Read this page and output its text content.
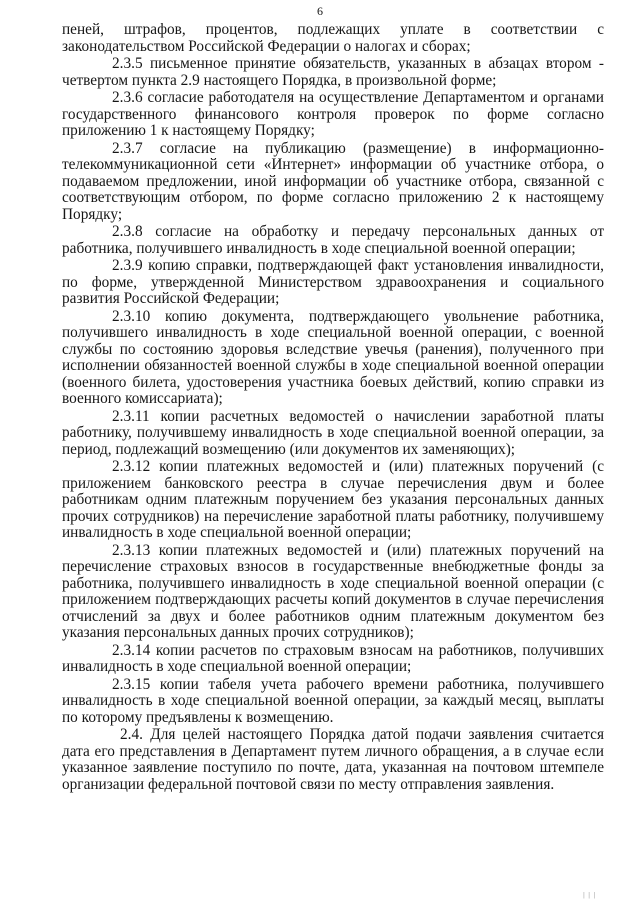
6

пеней, штрафов, процентов, подлежащих уплате в соответствии с законодательством Российской Федерации о налогах и сборах;

2.3.5 письменное принятие обязательств, указанных в абзацах втором - четвертом пункта 2.9 настоящего Порядка, в произвольной форме;

2.3.6 согласие работодателя на осуществление Департаментом и органами государственного финансового контроля проверок по форме согласно приложению 1 к настоящему Порядку;

2.3.7 согласие на публикацию (размещение) в информационно-телекоммуникационной сети «Интернет» информации об участнике отбора, о подаваемом предложении, иной информации об участнике отбора, связанной с соответствующим отбором, по форме согласно приложению 2 к настоящему Порядку;

2.3.8 согласие на обработку и передачу персональных данных от работника, получившего инвалидность в ходе специальной военной операции;

2.3.9 копию справки, подтверждающей факт установления инвалидности, по форме, утвержденной Министерством здравоохранения и социального развития Российской Федерации;

2.3.10 копию документа, подтверждающего увольнение работника, получившего инвалидность в ходе специальной военной операции, с военной службы по состоянию здоровья вследствие увечья (ранения), полученного при исполнении обязанностей военной службы в ходе специальной военной операции (военного билета, удостоверения участника боевых действий, копию справки из военного комиссариата);

2.3.11 копии расчетных ведомостей о начислении заработной платы работнику, получившему инвалидность в ходе специальной военной операции, за период, подлежащий возмещению (или документов их заменяющих);

2.3.12 копии платежных ведомостей и (или) платежных поручений (с приложением банковского реестра в случае перечисления двум и более работникам одним платежным поручением без указания персональных данных прочих сотрудников) на перечисление заработной платы работнику, получившему инвалидность в ходе специальной военной операции;

2.3.13 копии платежных ведомостей и (или) платежных поручений на перечисление страховых взносов в государственные внебюджетные фонды за работника, получившего инвалидность в ходе специальной военной операции (с приложением подтверждающих расчеты копий документов в случае перечисления отчислений за двух и более работников одним платежным документом без указания персональных данных прочих сотрудников);

2.3.14 копии расчетов по страховым взносам на работников, получивших инвалидность в ходе специальной военной операции;

2.3.15 копии табеля учета рабочего времени работника, получившего инвалидность в ходе специальной военной операции, за каждый месяц, выплаты по которому предъявлены к возмещению.

2.4. Для целей настоящего Порядка датой подачи заявления считается дата его представления в Департамент путем личного обращения, а в случае если указанное заявление поступило по почте, дата, указанная на почтовом штемпеле организации федеральной почтовой связи по месту отправления заявления.

| | |
